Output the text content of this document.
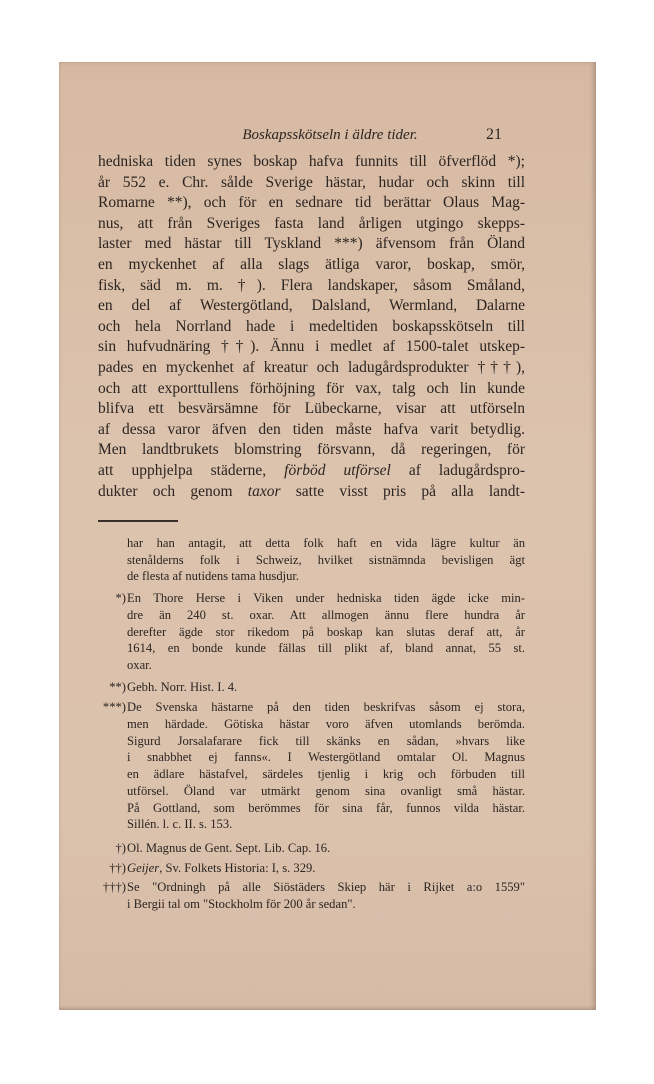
Boskapsskötseln i äldre tider.	21
hedniska tiden synes boskap hafva funnits till öfverflöd *);
år 552 e. Chr. sålde Sverige hästar, hudar och skinn till
Romarne **), och för en sednare tid berättar Olaus Mag-
nus, att från Sveriges fasta land årligen utgingo skepps-
laster med hästar till Tyskland ***) äfvensom från Öland
en myckenhet af alla slags ätliga varor, boskap, smör,
fisk, säd m. m. †). Flera landskaper, såsom Småland,
en del af Westergötland, Dalsland, Wermland, Dalarne
och hela Norrland hade i medeltiden boskapsskötseln till
sin hufvudnäring ††). Ännu i medlet af 1500-talet utskep-
pades en myckenhet af kreatur och ladugårdsprodukter †††),
och att exporttullens förhöjning för vax, talg och lin kunde
blifva ett besvärsämne för Lübeckarne, visar att utförseln
af dessa varor äfven den tiden måste hafva varit betydlig.
Men landtbrukets blomstring försvann, då regeringen, för
att upphjelpa städerne, förböd utförsel af ladugårdspro-
dukter och genom taxor satte visst pris på alla landt-
har han antagit, att detta folk haft en vida lägre kultur än
stenålderns folk i Schweiz, hvilket sistnämnda bevisligen ägt
de flesta af nutidens tama husdjur.
*) En Thore Herse i Viken under hedniska tiden ägde icke min-
dre än 240 st. oxar. Att allmogen ännu flere hundra år
derefter ägde stor rikedom på boskap kan slutas deraf att, år
1614, en bonde kunde fällas till plikt af, bland annat, 55 st.
oxar.
**) Gebh. Norr. Hist. I. 4.
***) De Svenska hästarne på den tiden beskrifvas såsom ej stora,
men härdade. Götiska hästar voro äfven utomlands berömda.
Sigurd Jorsalafarare fick till skänks en sådan, »hvars like
i snabbhet ej fanns«. I Westergötland omtalar Ol. Magnus
en ädlare hästafvel, särdeles tjenlig i krig och förbuden till
utförsel. Öland var utmärkt genom sina ovanligt små hästar.
På Gottland, som berömmes för sina får, funnos vilda hästar.
Sillén. l. c. II. s. 153.
†) Ol. Magnus de Gent. Sept. Lib. Cap. 16.
††) Geijer, Sv. Folkets Historia: I, s. 329.
†††) Se "Ordningh på alle Siöstäders Skiep här i Rijket a:o 1559"
i Bergii tal om "Stockholm för 200 år sedan".
